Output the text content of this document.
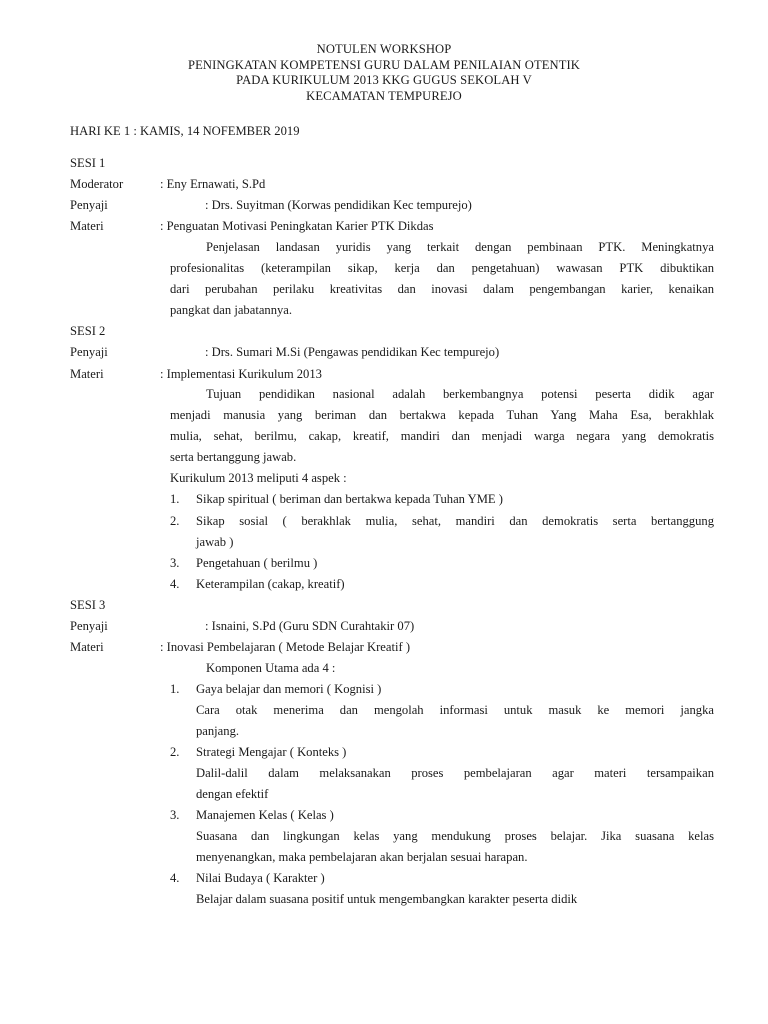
NOTULEN WORKSHOP
PENINGKATAN KOMPETENSI GURU DALAM PENILAIAN OTENTIK
PADA KURIKULUM 2013 KKG GUGUS SEKOLAH V
KECAMATAN TEMPUREJO
HARI KE 1 : KAMIS, 14 NOFEMBER 2019
SESI 1
Moderator	: Eny Ernawati, S.Pd
Penyaji	: Drs. Suyitman (Korwas pendidikan Kec tempurejo)
Materi	: Penguatan Motivasi Peningkatan Karier PTK Dikdas
Penjelasan landasan yuridis yang terkait dengan pembinaan PTK. Meningkatnya
profesionalitas (keterampilan sikap, kerja dan pengetahuan) wawasan PTK dibuktikan
dari perubahan perilaku kreativitas dan inovasi dalam pengembangan karier, kenaikan
pangkat dan jabatannya.
SESI 2
Penyaji	: Drs. Sumari M.Si (Pengawas pendidikan Kec tempurejo)
Materi	: Implementasi Kurikulum 2013
Tujuan pendidikan nasional adalah berkembangnya potensi peserta didik agar
menjadi manusia yang beriman dan bertakwa kepada Tuhan Yang Maha Esa, berakhlak
mulia, sehat, berilmu, cakap, kreatif, mandiri dan menjadi warga negara yang demokratis
serta bertanggung jawab.
Kurikulum 2013 meliputi 4 aspek :
1. Sikap spiritual ( beriman dan bertakwa kepada Tuhan YME )
2. Sikap sosial ( berakhlak mulia, sehat, mandiri dan demokratis serta bertanggung
jawab )
3. Pengetahuan ( berilmu )
4. Keterampilan (cakap, kreatif)
SESI 3
Penyaji	: Isnaini, S.Pd (Guru SDN Curahtakir 07)
Materi	: Inovasi Pembelajaran ( Metode Belajar Kreatif )
Komponen Utama ada 4 :
1. Gaya belajar dan memori ( Kognisi )
Cara otak menerima dan mengolah informasi untuk masuk ke memori jangka
panjang.
2. Strategi Mengajar ( Konteks )
Dalil-dalil dalam melaksanakan proses pembelajaran agar materi tersampaikan
dengan efektif
3. Manajemen Kelas ( Kelas )
Suasana dan lingkungan kelas yang mendukung proses belajar. Jika suasana kelas
menyenangkan, maka pembelajaran akan berjalan sesuai harapan.
4. Nilai Budaya ( Karakter )
Belajar dalam suasana positif untuk mengembangkan karakter peserta didik
